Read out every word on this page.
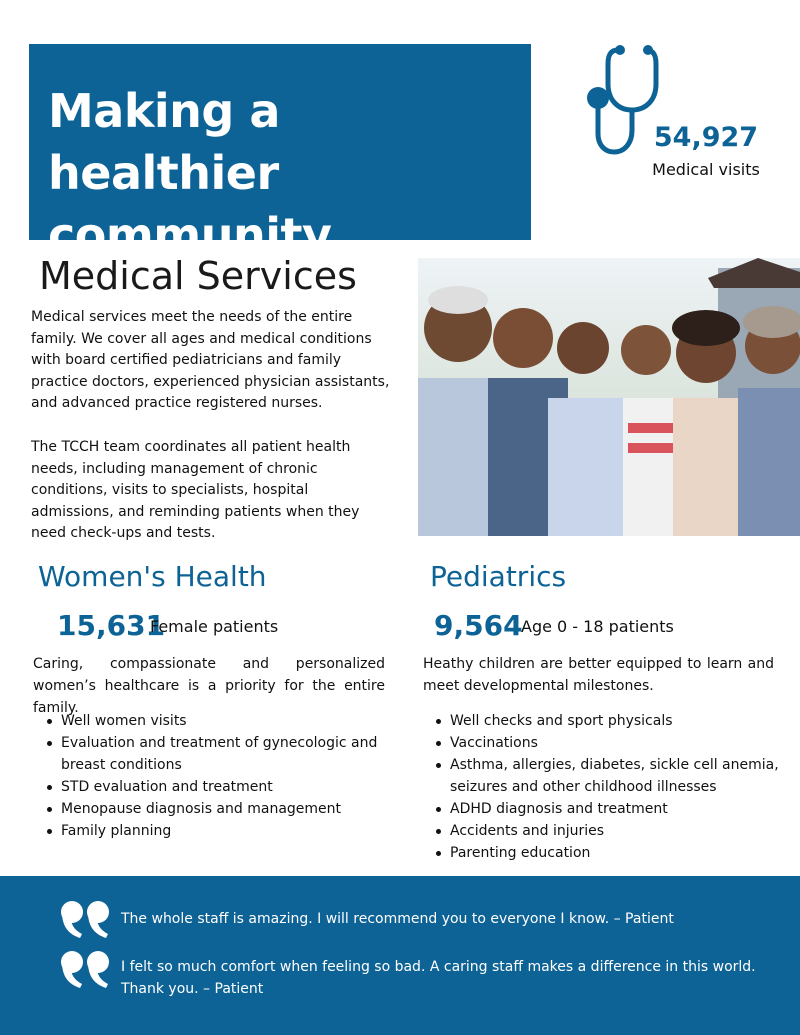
Making a healthier community
54,927
Medical visits
Medical Services
Medical services meet the needs of the entire family. We cover all ages and medical conditions with board certified pediatricians and family practice doctors, experienced physician assistants, and advanced practice registered nurses.
The TCCH team coordinates all patient health needs, including management of chronic conditions, visits to specialists, hospital admissions, and reminding patients when they need check-ups and tests.
Women's Health
15,631
Female patients
Caring, compassionate and personalized women’s healthcare is a priority for the entire family.
Well women visits
Evaluation and treatment of gynecologic and breast conditions
STD evaluation and treatment
Menopause diagnosis and management
Family planning
Pediatrics
9,564
Age 0 - 18 patients
Heathy children are better equipped to learn and meet developmental milestones.
Well checks and sport physicals
Vaccinations
Asthma, allergies, diabetes, sickle cell anemia, seizures and other childhood illnesses
ADHD diagnosis and treatment
Accidents and injuries
Parenting education
The whole staff is amazing. I will recommend you to everyone I know. – Patient
I felt so much comfort when feeling so bad. A caring staff makes a difference in this world. Thank you. – Patient
